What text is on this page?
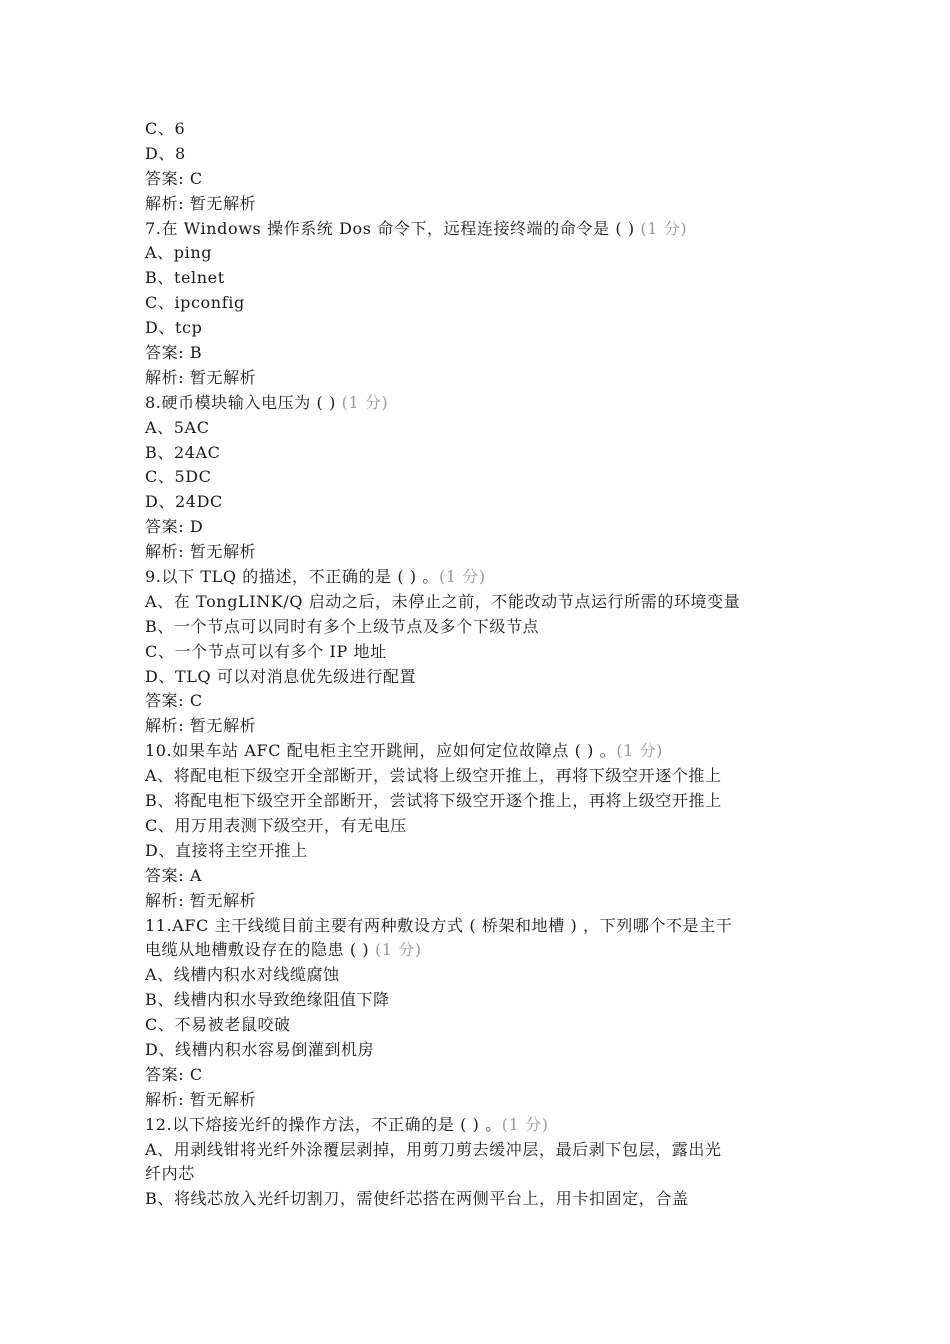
C、6
D、8
答案: C
解析: 暂无解析
7.在 Windows 操作系统 Dos 命令下，远程连接终端的命令是 ( ) (1 分)
A、ping
B、telnet
C、ipconfig
D、tcp
答案: B
解析: 暂无解析
8.硬币模块输入电压为 ( ) (1 分)
A、5AC
B、24AC
C、5DC
D、24DC
答案: D
解析: 暂无解析
9.以下 TLQ 的描述，不正确的是 ( ) 。(1 分)
A、在 TongLINK/Q 启动之后，未停止之前，不能改动节点运行所需的环境变量
B、一个节点可以同时有多个上级节点及多个下级节点
C、一个节点可以有多个 IP 地址
D、TLQ 可以对消息优先级进行配置
答案: C
解析: 暂无解析
10.如果车站 AFC 配电柜主空开跳闸，应如何定位故障点 ( ) 。(1 分)
A、将配电柜下级空开全部断开，尝试将上级空开推上，再将下级空开逐个推上
B、将配电柜下级空开全部断开，尝试将下级空开逐个推上，再将上级空开推上
C、用万用表测下级空开，有无电压
D、直接将主空开推上
答案: A
解析: 暂无解析
11.AFC 主干线缆目前主要有两种敷设方式 ( 桥架和地槽 ) ，下列哪个不是主干
电缆从地槽敷设存在的隐患 ( ) (1 分)
A、线槽内积水对线缆腐蚀
B、线槽内积水导致绝缘阻值下降
C、不易被老鼠咬破
D、线槽内积水容易倒灌到机房
答案: C
解析: 暂无解析
12.以下熔接光纤的操作方法，不正确的是 ( ) 。(1 分)
A、用剥线钳将光纤外涂覆层剥掉，用剪刀剪去缓冲层，最后剥下包层，露出光
纤内芯
B、将线芯放入光纤切割刀，需使纤芯搭在两侧平台上，用卡扣固定，合盖
